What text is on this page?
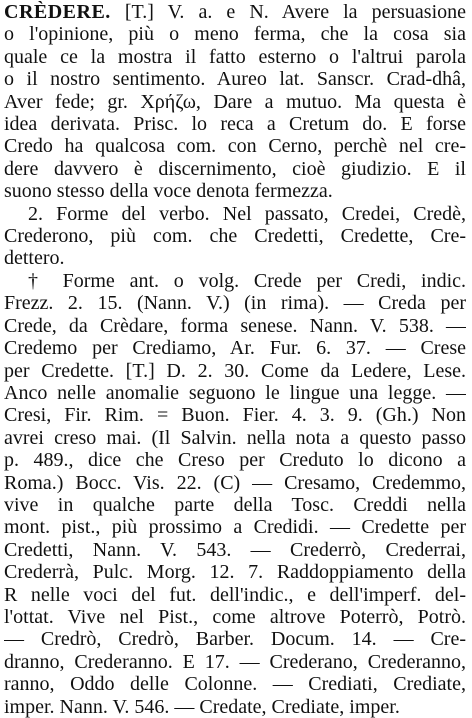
CRÈDERE. [T.] V. a. e N. Avere la persuasione
o l'opinione, più o meno ferma, che la cosa sia
quale ce la mostra il fatto esterno o l'altrui parola
o il nostro sentimento. Aureo lat. Sanscr. Crad-dhâ,
Aver fede; gr. Χρήζω, Dare a mutuo. Ma questa è
idea derivata. Prisc. lo reca a Cretum do. E forse
Credo ha qualcosa com. con Cerno, perchè nel cre-
dere davvero è discernimento, cioè giudizio. E il
suono stesso della voce denota fermezza.
2. Forme del verbo. Nel passato, Credei, Credè,
Crederono, più com. che Credetti, Credette, Cre-
dettero.
† Forme ant. o volg. Crede per Credi, indic.
Frezz. 2. 15. (Nann. V.) (in rima). — Creda per
Crede, da Crèdare, forma senese. Nann. V. 538. —
Credemo per Crediamo, Ar. Fur. 6. 37. — Crese
per Credette. [T.] D. 2. 30. Come da Ledere, Lese.
Anco nelle anomalie seguono le lingue una legge. —
Cresi, Fir. Rim. = Buon. Fier. 4. 3. 9. (Gh.) Non
avrei creso mai. (Il Salvin. nella nota a questo passo
p. 489., dice che Creso per Creduto lo dicono a
Roma.) Bocc. Vis. 22. (C) — Cresamo, Credemmo,
vive in qualche parte della Tosc. Creddi nella
mont. pist., più prossimo a Credidi. — Credette per
Credetti, Nann. V. 543. — Crederrò, Crederrai,
Crederrà, Pulc. Morg. 12. 7. Raddoppiamento della
R nelle voci del fut. dell'indic., e dell'imperf. del-
l'ottat. Vive nel Pist., come altrove Poterrò, Potrò.
— Credrò, Credrò, Barber. Docum. 14. — Cre-
dranno, Crederanno. E 17. — Crederano, Crederanno,
ranno, Oddo delle Colonne. — Crediati, Crediate,
imper. Nann. V. 546. — Credate, Crediate, imper.
